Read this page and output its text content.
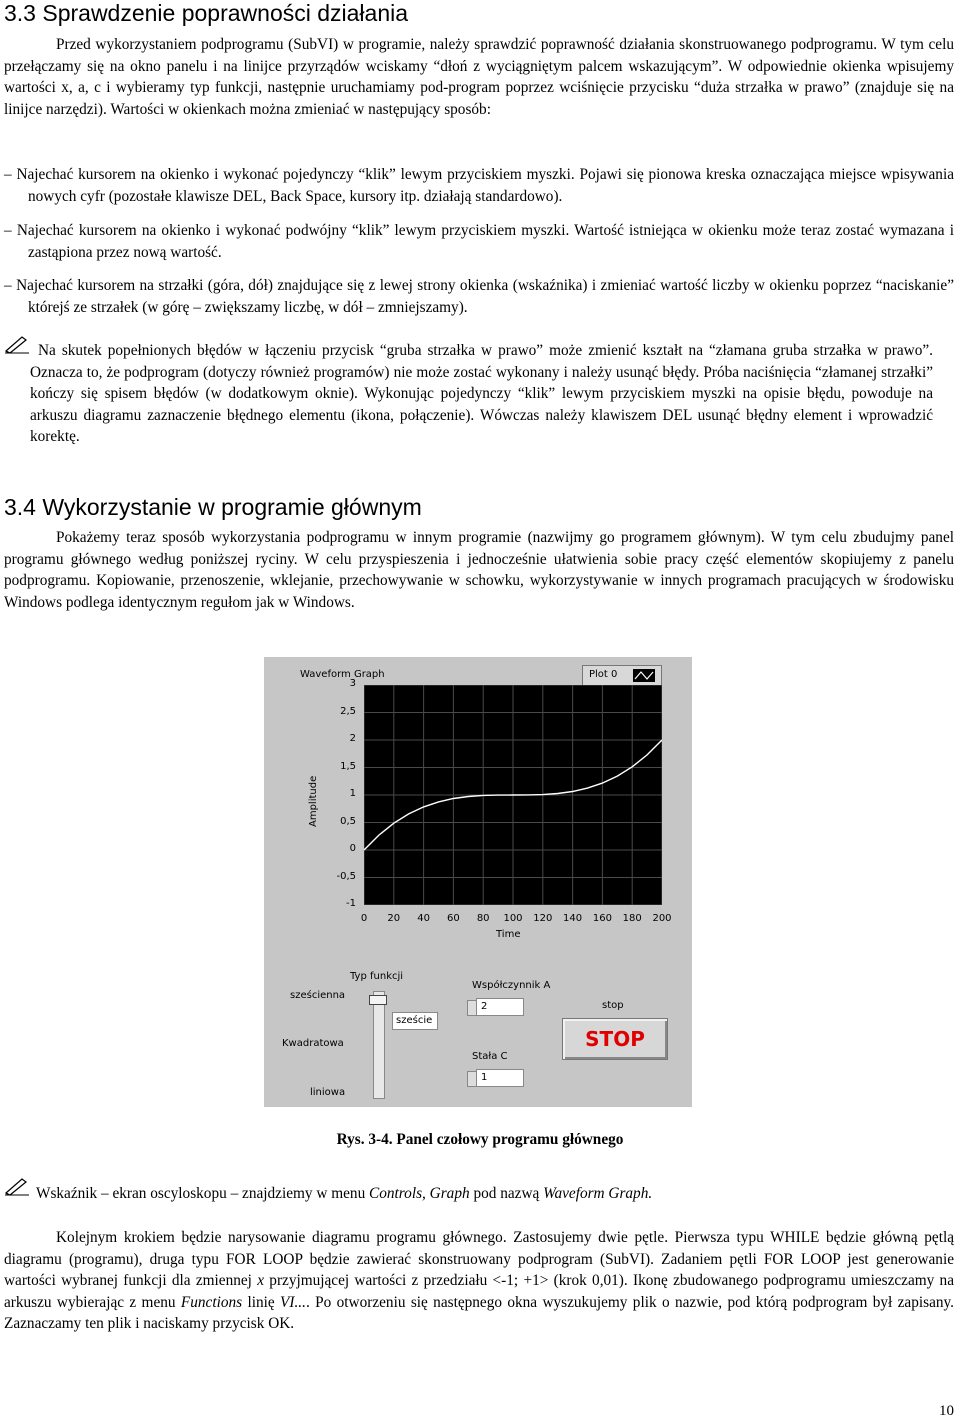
3.3 Sprawdzenie poprawności działania

Przed wykorzystaniem podprogramu (SubVI) w programie, należy sprawdzić poprawność działania skonstruowanego podprogramu. W tym celu przełączamy się na okno panelu i na linijce przyrządów wciskamy “dłoń z wyciągniętym palcem wskazującym”. W odpowiednie okienka wpisujemy wartości x, a, c i wybieramy typ funkcji, następnie uruchamiamy pod-program poprzez wciśnięcie przycisku “duża strzałka w prawo” (znajduje się na linijce narzędzi). Wartości w okienkach można zmieniać w następujący sposób:

– Najechać kursorem na okienko i wykonać pojedynczy “klik” lewym przyciskiem myszki. Pojawi się pionowa kreska oznaczająca miejsce wpisywania nowych cyfr (pozostałe klawisze DEL, Back Space, kursory itp. działają standardowo).

– Najechać kursorem na okienko i wykonać podwójny “klik” lewym przyciskiem myszki. Wartość istniejąca w okienku może teraz zostać wymazana i zastąpiona przez nową wartość.

– Najechać kursorem na strzałki (góra, dół) znajdujące się z lewej strony okienka (wskaźnika) i zmieniać wartość liczby w okienku poprzez “naciskanie” którejś ze strzałek (w górę – zwiększamy liczbę, w dół – zmniejszamy).

Na skutek popełnionych błędów w łączeniu przycisk “gruba strzałka w prawo” może zmienić kształt na “złamana gruba strzałka w prawo”. Oznacza to, że podprogram (dotyczy również programów) nie może zostać wykonany i należy usunąć błędy. Próba naciśnięcia “złamanej strzałki” kończy się spisem błędów (w dodatkowym oknie). Wykonując pojedynczy “klik” lewym przyciskiem myszki na opisie błędu, powoduje na arkuszu diagramu zaznaczenie błędnego elementu (ikona, połączenie). Wówczas należy klawiszem DEL usunąć błędny element i wprowadzić korektę.

3.4 Wykorzystanie w programie głównym

Pokażemy teraz sposób wykorzystania podprogramu w innym programie (nazwijmy go programem głównym). W tym celu zbudujmy panel programu głównego według poniższej ryciny. W celu przyspieszenia i jednocześnie ułatwienia sobie pracy część elementów skopiujemy z panelu podprogramu. Kopiowanie, przenoszenie, wklejanie, przechowywanie w schowku, wykorzystywanie w innych programach pracujących w środowisku Windows podlega identycznym regułom jak w Windows.

Waveform Graph	Plot 0
3
2,5
2
1,5
1
0,5
0
-0,5
-1
0 20 40 60 80 100 120 140 160 180 200
Amplitude
Time
Typ funkcji
sześcienna
Kwadratowa
liniowa
szeście
Współczynnik A
2
Stała C
1
stop
STOP
Rys. 3-4. Panel czołowy programu głównego

Wskaźnik – ekran oscyloskopu – znajdziemy w menu Controls, Graph pod nazwą Waveform Graph.

Kolejnym krokiem będzie narysowanie diagramu programu głównego. Zastosujemy dwie pętle. Pierwsza typu WHILE będzie główną pętlą diagramu (programu), druga typu FOR LOOP będzie zawierać skonstruowany podprogram (SubVI). Zadaniem pętli FOR LOOP jest generowanie wartości wybranej funkcji dla zmiennej x przyjmującej wartości z przedziału <-1; +1> (krok 0,01). Ikonę zbudowanego podprogramu umieszczamy na arkuszu wybierając z menu Functions linię VI.... Po otworzeniu się następnego okna wyszukujemy plik o nazwie, pod którą podprogram był zapisany. Zaznaczamy ten plik i naciskamy przycisk OK.

10
